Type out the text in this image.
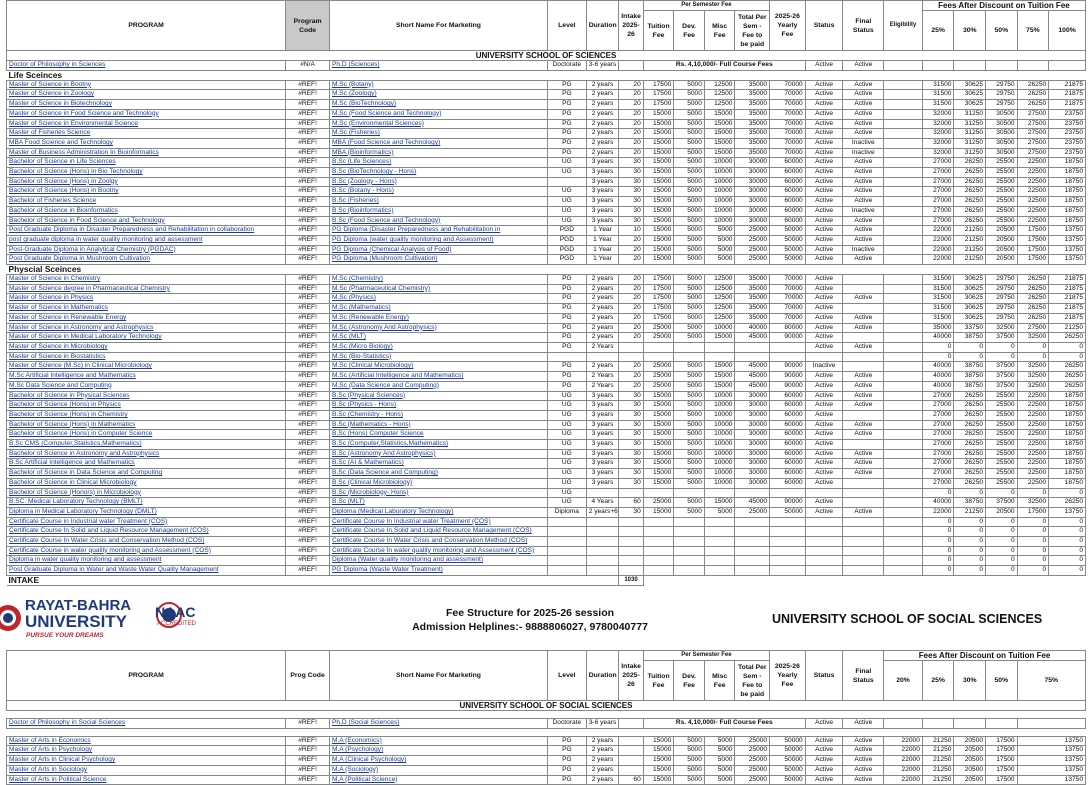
PROGRAM	Program Code	Short Name For Marketing	Level	Duration	Intake 2025-26	Per Semester Fee				2025-26 Yearly Fee	Status	Final Status	Eligibility	Fees After Discount on Tuition Fee				
						Tuition Fee	Dev. Fee	Misc Fee	Total Per Sem -Fee to be paid					25%	30%	50%	75%	100%
UNIVERSITY SCHOOL OF SCIENCES																		
Doctor of Philosophy in Sciences	#N/A	Ph.D (Sciences)	Doctorate	3-6 years		Rs. 4,10,000/- Full Course Fees					Active	Active						
Life Sceinces																		
Master of Science in Bootny	#REF!	M.Sc (Botany)	PG	2 years	20	17500	5000	12500	35000	70000	Active	Active		31500	30625	29750	26250	21875
Master of Science in Zoology	#REF!	M.Sc (Zoology)	PG	2 years	20	17500	5000	12500	35000	70000	Active	Active		31500	30625	29750	26250	21875
Master of Science in Biotechnology	#REF!	M.Sc (BioTechnology)	PG	2 years	20	17500	5000	12500	35000	70000	Active	Active		31500	30625	29750	26250	21875
Master of Science in Food Science and Technology	#REF!	M.Sc (Food Science and Technology)	PG	2 years	20	15000	5000	15000	35000	70000	Active	Active		32000	31250	30500	27500	23750
Master of Science in Environmental Science	#REF!	M.Sc (Environmental Sciences)	PG	2 years	20	15000	5000	15000	35000	70000	Active	Active		32000	31250	30500	27500	23750
Master of Fisheries Science	#REF!	M.Sc (Fisheries)	PG	2 years	20	15000	5000	15000	35000	70000	Active	Active		32000	31250	30500	27500	23750
MBA Food Science and Technology	#REF!	MBA (Food Science and Technology)	PG	2 years	20	15000	5000	15000	35000	70000	Active	Inactive		32000	31250	30500	27500	23750
Master of Business Administration In Bioinformatics	#REF!	MBA (Bioinformatics)	PG	2 years	20	15000	5000	15000	35000	70000	Active	Inactive		32000	31250	30500	27500	23750
Bachelor of Science in Life Sciences	#REF!	B.Sc (Life Sciences)	UG	3 years	30	15000	5000	10000	30000	60000	Active	Active		27000	26250	25500	22500	18750
Bachelor of Science (Hons) in Bio Technology	#REF!	B.Sc (BioTechnology - Hons)	UG	3 years	30	15000	5000	10000	30000	60000	Active	Active		27000	26250	25500	22500	18750
Bachelor of Science (Hons) in Zoolgy	#REF!	B.Sc (Zoology - Hons)		3 years	30	15000	5000	10000	30000	60000	Active	Active		27000	26250	25500	22500	18750
Bachelor of Science (Hons) in Bootny	#REF!	B.Sc (Botany - Hons)	UG	3 years	30	15000	5000	10000	30000	60000	Active	Active		27000	26250	25500	22500	18750
Bachelor of Fisheries Science	#REF!	B.Sc (Fisheries)	UG	3 years	30	15000	5000	10000	30000	60000	Active	Active		27000	26250	25500	22500	18750
Bachelor of Science in Bioinformatics	#REF!	B.Sc (Bioinformatics)	UG	3 years	30	15000	5000	10000	30000	60000	Active	Inactive		27000	26250	25500	22500	18750
Bachelor of Science in Food Science and Technology	#REF!	B.Sc (Food Science and Technology)	UG	3 years	30	15000	5000	10000	30000	60000	Active	Active		27000	26250	25500	22500	18750
Post Graduate Diploma in Disaster Preparedness and Rehabilitation in collaboration	#REF!	PG Diploma (Disaster Preparedness and Rehabilitation in	PGD	1 Year	10	15000	5000	5000	25000	50000	Active	Active		22000	21250	20500	17500	13750
post graduate diploma in water quality monitoring and assessment	#REF!	PG Diploma (water quality monitoring and Assessment)	PGD	1 Year	20	15000	5000	5000	25000	50000	Active	Active		22000	21250	20500	17500	13750
Post-Graduate Diploma in Analytical Chemistry (PGDAC)	#REF!	PG Diploma (Chemical Analysis of Food)	PGD	1 Year	20	15000	5000	5000	25000	50000	Active	Inactive		22000	21250	20500	17500	13750
Post Graduate Diploma in Mushroom Cultivation	#REF!	PG Diploma (Mushroom Cultivation)	PGD	1 Year	20	15000	5000	5000	25000	50000	Active	Active		22000	21250	20500	17500	13750
Physcial Sceinces																		
Master of Science in Chemistry	#REF!	M.Sc (Chemistry)	PG	2 years	20	17500	5000	12500	35000	70000	Active			31500	30625	29750	26250	21875
Master of Science degree in Pharmaceutical Chemistry	#REF!	M.Sc (Pharmaceutical Chemistry)	PG	2 years	20	17500	5000	12500	35000	70000	Active			31500	30625	29750	26250	21875
Master of Science in Physics	#REF!	M.Sc (Physics)	PG	2 years	20	17500	5000	12500	35000	70000	Active	Active		31500	30625	29750	26250	21875
Master of Science in Mathematics	#REF!	M.Sc (Mathematics)	PG	2 years	20	17500	5000	12500	35000	70000	Active			31500	30625	29750	26250	21875
Master of Science in Renewable Energy	#REF!	M.Sc (Renewable Energy)	PG	2 years	20	17500	5000	12500	35000	70000	Active	Active		31500	30625	29750	26250	21875
Master of Science in Astronomy and Astrophysics	#REF!	M.Sc (Astronomy And Astrophysics)	PG	2 years	20	25000	5000	10000	40000	80000	Active	Active		35000	33750	32500	27500	21250
Master of Science in Medical Laboratory Technology	#REF!	M.Sc (MLT)	PG	2 years	20	25000	5000	15000	45000	90000	Active			40000	38750	37500	32500	26250
Master of Science in Microbiology	#REF!	M.Sc (Micro Biology)	PG	2 Years							Active	Active		0	0	0	0	0
Master of Science in Biostatistics	#REF!	M.Sc (Bio-Statistics)												0	0	0	0	0
Master of Science (M.Sc) in Clinical Microbiology	#REF!	M.Sc (Clinical Microbiology)	PG	2 years	20	25000	5000	15000	45000	90000	Inactive			40000	38750	37500	32500	26250
M.Sc Artificial Intelligence and Mathematics	#REF!	M.Sc (Artificial Intelligence and Mathematics)	PG	2 Years	20	25000	5000	15000	45000	90000	Active	Active		40000	38750	37500	32500	26250
M.Sc Data Science and Computing	#REF!	M.Sc (Data Science and Computing)	PG	2 Years	20	25000	5000	15000	45000	90000	Active	Active		40000	38750	37500	32500	26250
Bachelor of Science in Physical Sciences	#REF!	B.Sc (Physical Sciences)	UG	3 years	30	15000	5000	10000	30000	60000	Active	Active		27000	26250	25500	22500	18750
Bachelor of Science (Hons) in Physics	#REF!	B.Sc (Physics - Hons)	UG	3 years	30	15000	5000	10000	30000	60000	Active	Active		27000	26250	25500	22500	18750
Bachelor of Science (Hons) in Chemistry	#REF!	B.Sc (Chemistry - Hons)	UG	3 years	30	15000	5000	10000	30000	60000	Active			27000	26250	25500	22500	18750
Bachelor of Science (Hons) in Mathematics	#REF!	B.Sc (Mathematics - Hons)	UG	3 years	30	15000	5000	10000	30000	60000	Active	Active		27000	26250	25500	22500	18750
Bachelor of Science (Hons) in Computer Science	#REF!	B.Sc (Hons) Computer Science	UG	3 years	30	15000	5000	10000	30000	60000	Active	Active		27000	26250	25500	22500	18750
B.Sc CMS (Computer,Statistics,Mathematics)	#REF!	B.Sc (Computer,Statistics,Mathematics)	UG	3 years	30	15000	5000	10000	30000	60000	Active			27000	26250	25500	22500	18750
Bachelor of Science in Astronomy and Astrophysics	#REF!	B.Sc (Astronomy And Astrophysics)	UG	3 years	30	15000	5000	10000	30000	60000	Active	Active		27000	26250	25500	22500	18750
B.Sc Artificial Intelligence and Mathematics	#REF!	B.Sc (AI & Mathematics)	UG	3 years	30	15000	5000	10000	30000	60000	Active	Active		27000	26250	25500	22500	18750
Bachelor of Science in Data Science and Computing	#REF!	B.Sc (Data Science and Computing)	UG	3 years	30	15000	5000	10000	30000	60000	Active	Active		27000	26250	25500	22500	18750
Bachelor of Science in Clinical Microbiology	#REF!	B.Sc (Clinical Microbiology)	UG	3 years	30	15000	5000	10000	30000	60000	Active			27000	26250	25500	22500	18750
Bachelor of Science (Honors) in Microbiology	#REF!	B.Sc (Microbiology- Hons)	UG											0	0	0	0	0
B.SC. Medical Laboratory Technology (BMLT)	#REF!	B.Sc (MLT)	UG	4 Years	60	25000	5000	15000	45000	90000	Active			40000	38750	37500	32500	26250
Diploma in Medical Laboratory Technology (DMLT)	#REF!	Diploma (Medical Laboratory Technology)	Diploma	2 years+6	30	15000	5000	5000	25000	50000	Active	Active		22000	21250	20500	17500	13750
Certificate Course in Industrial water Treatment (COS)	#REF!	Certificate Course In Industrial water Treatment (COS)												0	0	0	0	0
Certificate Course In Solid and Liquid Resource Management (COS)	#REF!	Certificate Course In Solid and Liquid Resource Management (COS)												0	0	0	0	0
Certificate Course In Water Crisis and Conservation Method (COS)	#REF!	Certificate Course In Water Crisis and Conservation Method (COS)												0	0	0	0	0
Certificate Course in water quality monitoring and Assessment (COS)	#REF!	Certificate Course In water quality monitoring and Assessment (COS)												0	0	0	0	0
Diploma in water quality monitoring and assessment	#REF!	Diploma (Water quality monitoring and assessment)												0	0	0	0	0
Post Graduate Diploma in Water and Waste Water Quality Management	#REF!	PG Diploma (Waste Water Treatment)												0	0	0	0	0
INTAKE					1030													
RAYAT-BAHRA
UNIVERSITY
PURSUE YOUR DREAMS
NAAC
ACCREDITED
Fee Structure for 2025-26 session
Admission Helplines:- 9888806027, 9780040777
UNIVERSITY SCHOOL OF SOCIAL SCIENCES
PROGRAM	Prog Code	Short Name For Marketing	Level	Duration	Intake 2025-26	Per Semester Fee				2025-26 Yearly Fee	Status	Final Status	Fees After Discount on Tuition Fee				
						Tuition Fee	Dev. Fee	Misc Fee	Total Per Sem -Fee to be paid				20%	25%	30%	50%	75%
UNIVERSITY SCHOOL OF SOCIAL SCIENCES																	

Doctor of Philosophy in Social Sciences	#REF!	Ph.D (Social Sciences)	Doctorate	3-6 years		Rs. 4,10,000/- Full Course Fees					Active	Active					

Master of Arts in Economics	#REF!	M.A (Economics)	PG	2 years		15000	5000	5000	25000	50000	Active	Active	22000	21250	20500	17500	13750
Master of Arts in Psychology	#REF!	M.A (Psychology)	PG	2 years		15000	5000	5000	25000	50000	Active	Active	22000	21250	20500	17500	13750
Master of Arts in Clinical Psychology	#REF!	M.A (Clinical Psychology)	PG	2 years		15000	5000	5000	25000	50000	Active	Active	22000	21250	20500	17500	13750
Master of Arts in Sociology	#REF!	M.A (Sociology)	PG	2 years		15000	5000	5000	25000	50000	Active	Active	22000	21250	20500	17500	13750
Master of Arts in Political Science	#REF!	M.A (Political Science)	PG	2 years	60	15000	5000	5000	25000	50000	Active	Active	22000	21250	20500	17500	13750
